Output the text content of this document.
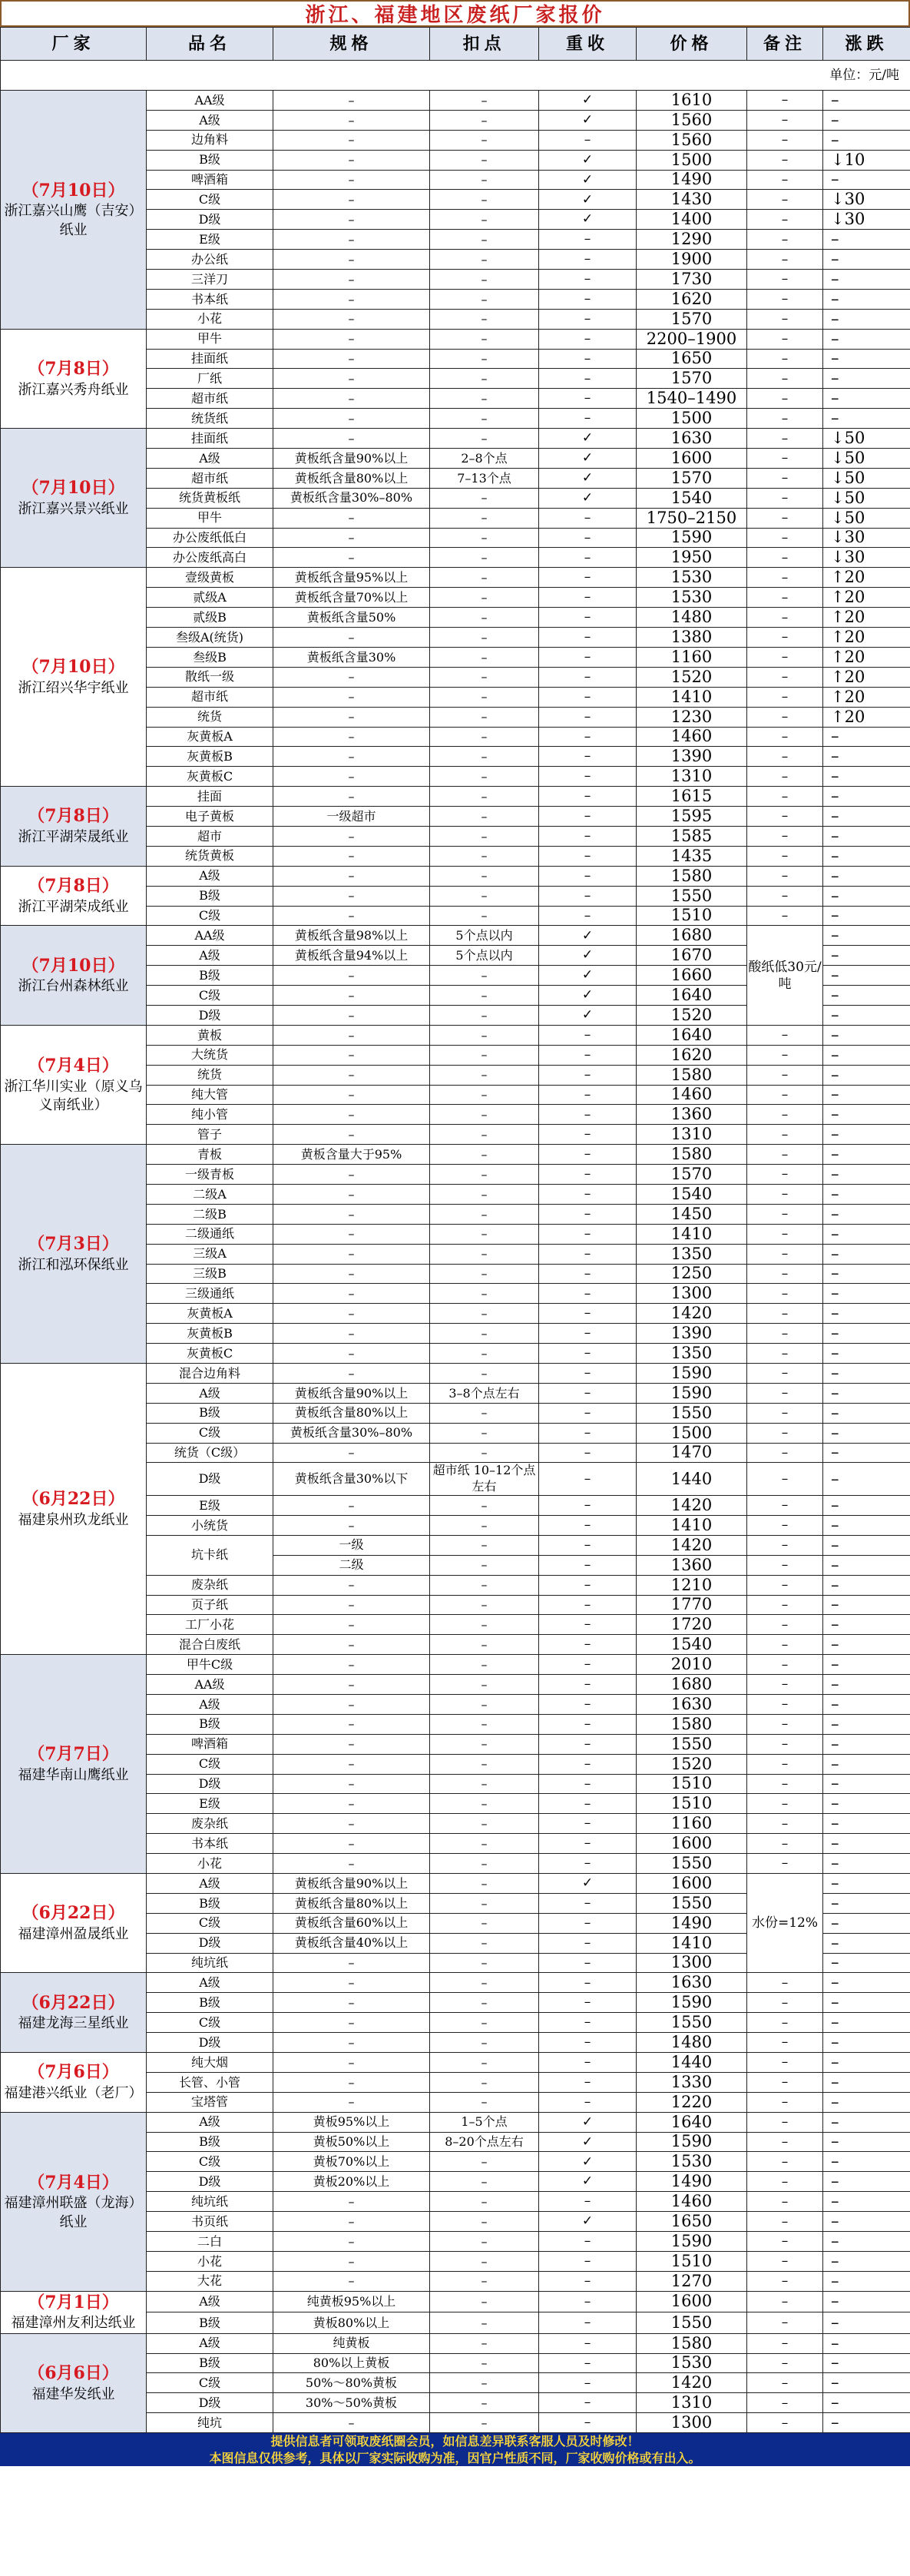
浙江、福建地区废纸厂家报价
厂家	品名	规格	扣点	重收	价格	备注	涨跌
单位：元/吨							

（7月10日）
浙江嘉兴山鹰（吉安）纸业	AA级	–	–	✓	1610	–	–
	A级	–	–	✓	1560	–	–
	边角料	–	–	–	1560	–	–
	B级	–	–	✓	1500	–	↓10
	啤酒箱	–	–	✓	1490	–	–
	C级	–	–	✓	1430	–	↓30
	D级	–	–	✓	1400	–	↓30
	E级	–	–	–	1290	–	–
	办公纸	–	–	–	1900	–	–
	三洋刀	–	–	–	1730	–	–
	书本纸	–	–	–	1620	–	–
	小花	–	–	–	1570	–	–

（7月8日）
浙江嘉兴秀舟纸业	甲牛	–	–	–	2200–1900	–	–
	挂面纸	–	–	–	1650	–	–
	厂纸	–	–	–	1570	–	–
	超市纸	–	–	–	1540–1490	–	–
	统货纸	–	–	–	1500	–	–

（7月10日）
浙江嘉兴景兴纸业	挂面纸	–	–	✓	1630	–	↓50
	A级	黄板纸含量90%以上	2–8个点	✓	1600	–	↓50
	超市纸	黄板纸含量80%以上	7–13个点	✓	1570	–	↓50
	统货黄板纸	黄板纸含量30%–80%	–	✓	1540	–	↓50
	甲牛	–	–	–	1750–2150	–	↓50
	办公废纸低白	–	–	–	1590	–	↓30
	办公废纸高白	–	–	–	1950	–	↓30

（7月10日）
浙江绍兴华宇纸业	壹级黄板	黄板纸含量95%以上	–	–	1530	–	↑20
	贰级A	黄板纸含量70%以上	–	–	1530	–	↑20
	贰级B	黄板纸含量50%	–	–	1480	–	↑20
	叁级A(统货)	–	–	–	1380	–	↑20
	叁级B	黄板纸含量30%	–	–	1160	–	↑20
	散纸一级	–	–	–	1520	–	↑20
	超市纸	–	–	–	1410	–	↑20
	统货	–	–	–	1230	–	↑20
	灰黄板A	–	–	–	1460	–	–
	灰黄板B	–	–	–	1390	–	–
	灰黄板C	–	–	–	1310	–	–

（7月8日）
浙江平湖荣晟纸业	挂面	–	–	–	1615	–	–
	电子黄板	一级超市	–	–	1595	–	–
	超市	–	–	–	1585	–	–
	统货黄板	–	–	–	1435	–	–

（7月8日）
浙江平湖荣成纸业	A级	–	–	–	1580	–	–
	B级	–	–	–	1550	–	–
	C级	–	–	–	1510	–	–

（7月10日）
浙江台州森林纸业	AA级	黄板纸含量98%以上	5个点以内	✓	1680	酸纸低30元/吨	–
	A级	黄板纸含量94%以上	5个点以内	✓	1670		–
	B级	–	–	✓	1660		–
	C级	–	–	✓	1640		–
	D级	–	–	✓	1520		–

（7月4日）
浙江华川实业（原义乌义南纸业）	黄板	–	–	–	1640	–	–
	大统货	–	–	–	1620	–	–
	统货	–	–	–	1580	–	–
	纯大管	–	–	–	1460	–	–
	纯小管	–	–	–	1360	–	–
	管子	–	–	–	1310	–	–

（7月3日）
浙江和泓环保纸业	青板	黄板含量大于95%	–	–	1580	–	–
	一级青板	–	–	–	1570	–	–
	二级A	–	–	–	1540	–	–
	二级B	–	–	–	1450	–	–
	二级通纸	–	–	–	1410	–	–
	三级A	–	–	–	1350	–	–
	三级B	–	–	–	1250	–	–
	三级通纸	–	–	–	1300	–	–
	灰黄板A	–	–	–	1420	–	–
	灰黄板B	–	–	–	1390	–	–
	灰黄板C	–	–	–	1350	–	–

（6月22日）
福建泉州玖龙纸业	混合边角料	–	–	–	1590	–	–
	A级	黄板纸含量90%以上	3–8个点左右	–	1590	–	–
	B级	黄板纸含量80%以上	–	–	1550	–	–
	C级	黄板纸含量30%–80%	–	–	1500	–	–
	统货（C级）	–	–	–	1470	–	–
	D级	黄板纸含量30%以下	超市纸 10–12个点左右	–	1440	–	–
	E级	–	–	–	1420	–	–
	小统货	–	–	–	1410	–	–
	坑卡纸	一级	–	–	1420	–	–
		二级	–	–	1360	–	–
	废杂纸	–	–	–	1210	–	–
	页子纸	–	–	–	1770	–	–
	工厂小花	–	–	–	1720	–	–
	混合白废纸	–	–	–	1540	–	–

（7月7日）
福建华南山鹰纸业	甲牛C级	–	–	–	2010	–	–
	AA级	–	–	–	1680	–	–
	A级	–	–	–	1630	–	–
	B级	–	–	–	1580	–	–
	啤酒箱	–	–	–	1550	–	–
	C级	–	–	–	1520	–	–
	D级	–	–	–	1510	–	–
	E级	–	–	–	1510	–	–
	废杂纸	–	–	–	1160	–	–
	书本纸	–	–	–	1600	–	–
	小花	–	–	–	1550	–	–

（6月22日）
福建漳州盈晟纸业	A级	黄板纸含量90%以上	–	✓	1600	水份=12%	–
	B级	黄板纸含量80%以上	–	–	1550		–
	C级	黄板纸含量60%以上	–	–	1490		–
	D级	黄板纸含量40%以上	–	–	1410		–
	纯坑纸	–	–	–	1300		–

（6月22日）
福建龙海三星纸业	A级	–	–	–	1630	–	–
	B级	–	–	–	1590	–	–
	C级	–	–	–	1550	–	–
	D级	–	–	–	1480	–	–

（7月6日）
福建港兴纸业（老厂）	纯大烟	–	–	–	1440	–	–
	长管、小管	–	–	–	1330	–	–
	宝塔管	–	–	–	1220	–	–

（7月4日）
福建漳州联盛（龙海）纸业	A级	黄板95%以上	1–5个点	✓	1640	–	–
	B级	黄板50%以上	8–20个点左右	✓	1590	–	–
	C级	黄板70%以上	–	✓	1530	–	–
	D级	黄板20%以上	–	✓	1490	–	–
	纯坑纸	–	–	–	1460	–	–
	书页纸	–	–	✓	1650	–	–
	二白	–	–	–	1590	–	–
	小花	–	–	–	1510	–	–
	大花	–	–	–	1270	–	–

（7月1日）
福建漳州友利达纸业	A级	纯黄板95%以上	–	–	1600	–	–
	B级	黄板80%以上	–	–	1550	–	–

（6月6日）
福建华发纸业	A级	纯黄板	–	–	1580	–	–
	B级	80%以上黄板	–	–	1530	–	–
	C级	50%～80%黄板	–	–	1420	–	–
	D级	30%～50%黄板	–	–	1310	–	–
	纯坑	–	–	–	1300	–	–
提供信息者可领取废纸圈会员，如信息差异联系客服人员及时修改！
本图信息仅供参考，具体以厂家实际收购为准，因官户性质不同，厂家收购价格或有出入。
